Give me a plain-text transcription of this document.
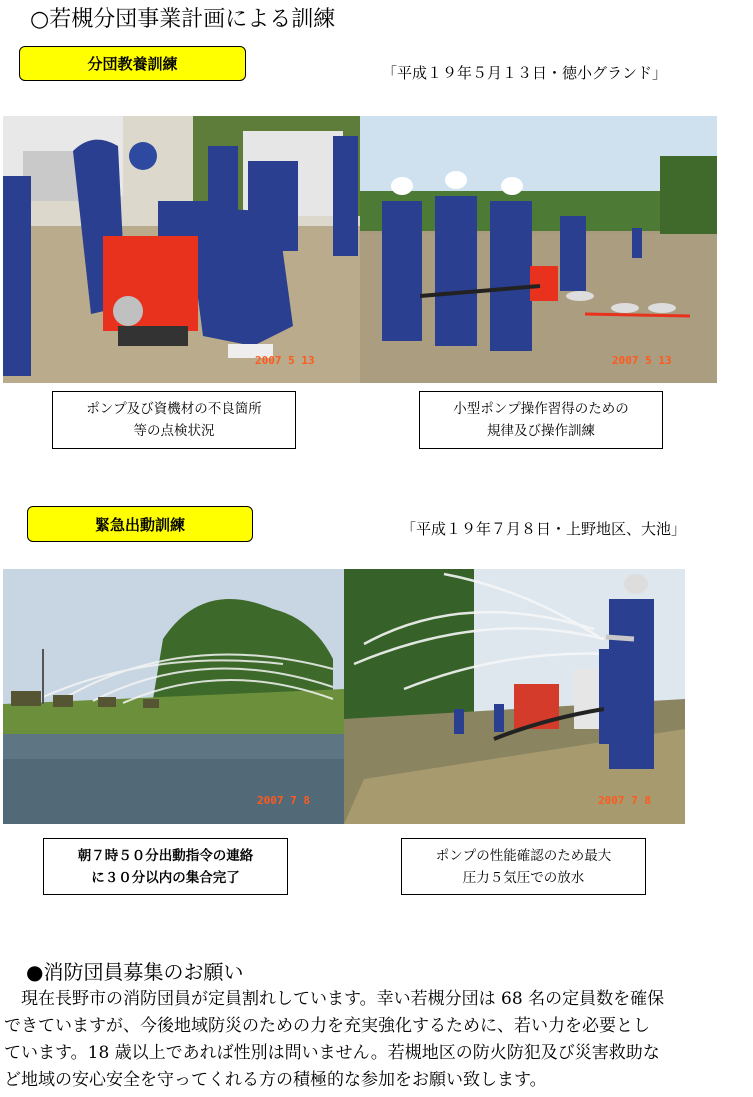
○若槻分団事業計画による訓練
分団教養訓練	「平成１９年５月１３日・徳小グランド」
2007 5 13	2007 5 13
ポンプ及び資機材の不良箇所
等の点検状況
小型ポンプ操作習得のための
規律及び操作訓練
緊急出動訓練	「平成１９年７月８日・上野地区、大池」
2007 7 8	2007 7 8
朝７時５０分出動指令の連絡
に３０分以内の集合完了
ポンプの性能確認のため最大
圧力５気圧での放水
●消防団員募集のお願い
　現在長野市の消防団員が定員割れしています。幸い若槻分団は 68 名の定員数を確保
できていますが、今後地域防災のための力を充実強化するために、若い力を必要とし
ています。18 歳以上であれば性別は問いません。若槻地区の防火防犯及び災害救助な
ど地域の安心安全を守ってくれる方の積極的な参加をお願い致します。
